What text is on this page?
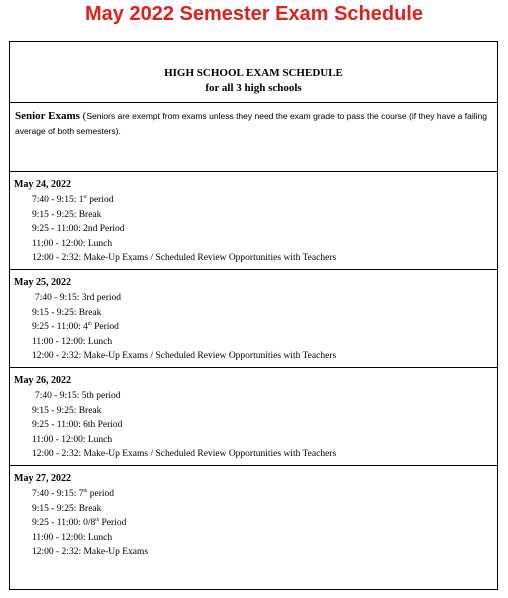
May 2022 Semester Exam Schedule
HIGH SCHOOL EXAM SCHEDULE
for all 3 high schools
Senior Exams (Seniors are exempt from exams unless they need the exam grade to pass the course (if they have a failing average of both semesters).
May 24, 2022
7:40 - 9:15: 1st period
9:15 - 9:25: Break
9:25 - 11:00: 2nd Period
11:00 - 12:00: Lunch
12:00 - 2:32: Make-Up Exams / Scheduled Review Opportunities with Teachers
May 25, 2022
7:40 - 9:15: 3rd period
9:15 - 9:25: Break
9:25 - 11:00: 4th Period
11:00 - 12:00: Lunch
12:00 - 2:32: Make-Up Exams / Scheduled Review Opportunities with Teachers
May 26, 2022
7:40 - 9:15: 5th period
9:15 - 9:25: Break
9:25 - 11:00: 6th Period
11:00 - 12:00: Lunch
12:00 - 2:32: Make-Up Exams / Scheduled Review Opportunities with Teachers
May 27, 2022
7:40 - 9:15: 7th period
9:15 - 9:25: Break
9:25 - 11:00: 0/8th Period
11:00 - 12:00: Lunch
12:00 - 2:32: Make-Up Exams
